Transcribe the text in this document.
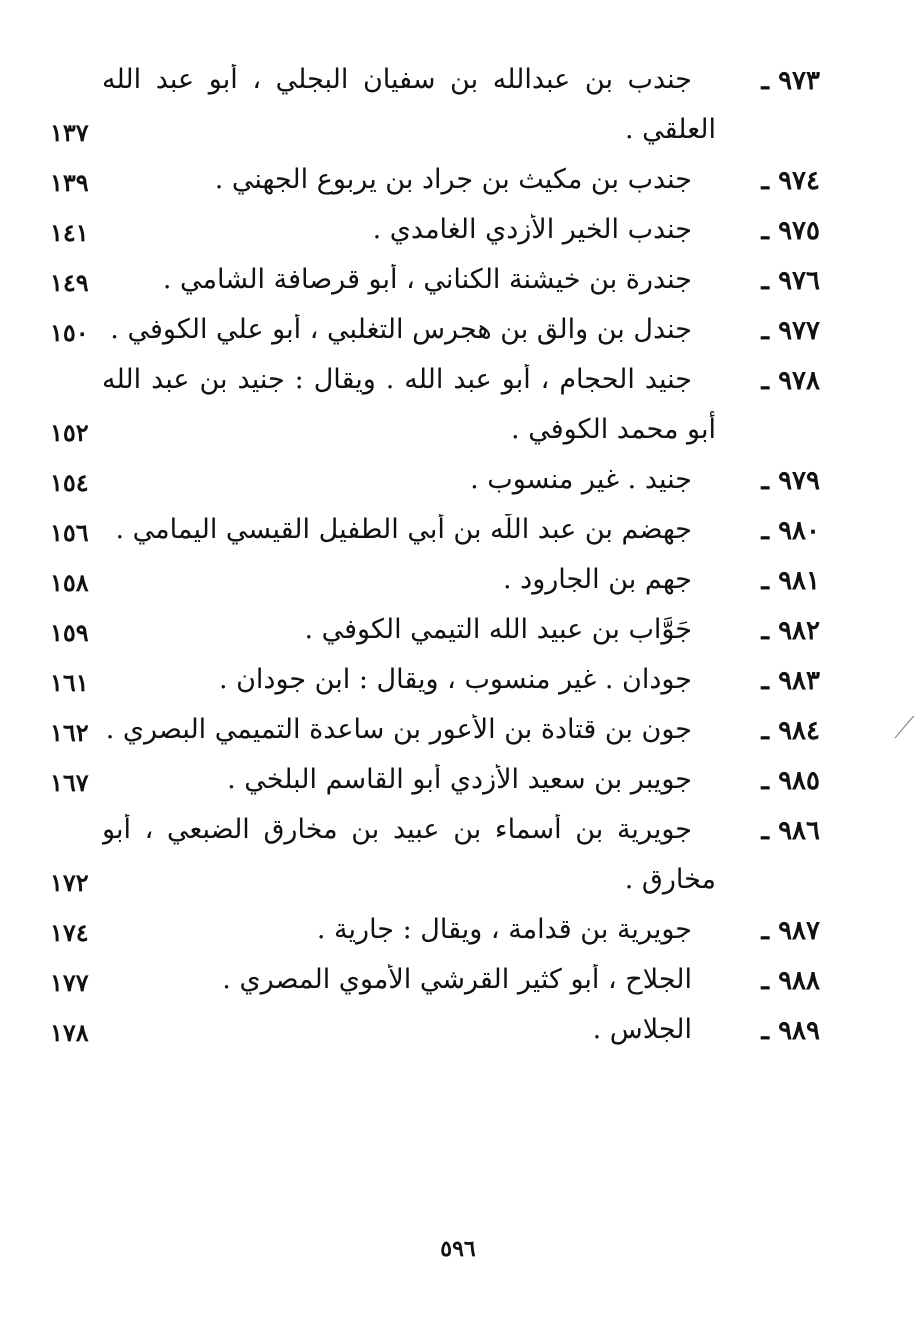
٩٧٣ ـ
جندب بن عبدالله بن سفيان البجلي ، أبو عبد الله
العلقي .
١٣٧
٩٧٤ ـ
جندب بن مكيث بن جراد بن يربوع الجهني .
١٣٩
٩٧٥ ـ
جندب الخير الأزدي الغامدي .
١٤١
٩٧٦ ـ
جندرة بن خيشنة الكناني ، أبو قرصافة الشامي .
١٤٩
٩٧٧ ـ
جندل بن والق بن هجرس التغلبي ، أبو علي الكوفي .
١٥٠
٩٧٨ ـ
جنيد الحجام ، أبو عبد الله . ويقال : جنيد بن عبد الله
أبو محمد الكوفي .
١٥٢
٩٧٩ ـ
جنيد . غير منسوب .
١٥٤
٩٨٠ ـ
جهضم بن عبد اللّٰه بن أبي الطفيل القيسي اليمامي .
١٥٦
٩٨١ ـ
جهم بن الجارود .
١٥٨
٩٨٢ ـ
جَوَّاب بن عبيد الله التيمي الكوفي .
١٥٩
٩٨٣ ـ
جودان . غير منسوب ، ويقال : ابن جودان .
١٦١
٩٨٤ ـ
جون بن قتادة بن الأعور بن ساعدة التميمي البصري .
١٦٢
٩٨٥ ـ
جويبر بن سعيد الأزدي أبو القاسم البلخي .
١٦٧
٩٨٦ ـ
جويرية بن أسماء بن عبيد بن مخارق الضبعي ، أبو
مخارق .
١٧٢
٩٨٧ ـ
جويرية بن قدامة ، ويقال : جارية .
١٧٤
٩٨٨ ـ
الجلاح ، أبو كثير القرشي الأموي المصري .
١٧٧
٩٨٩ ـ
الجلاس .
١٧٨
٥٩٦
